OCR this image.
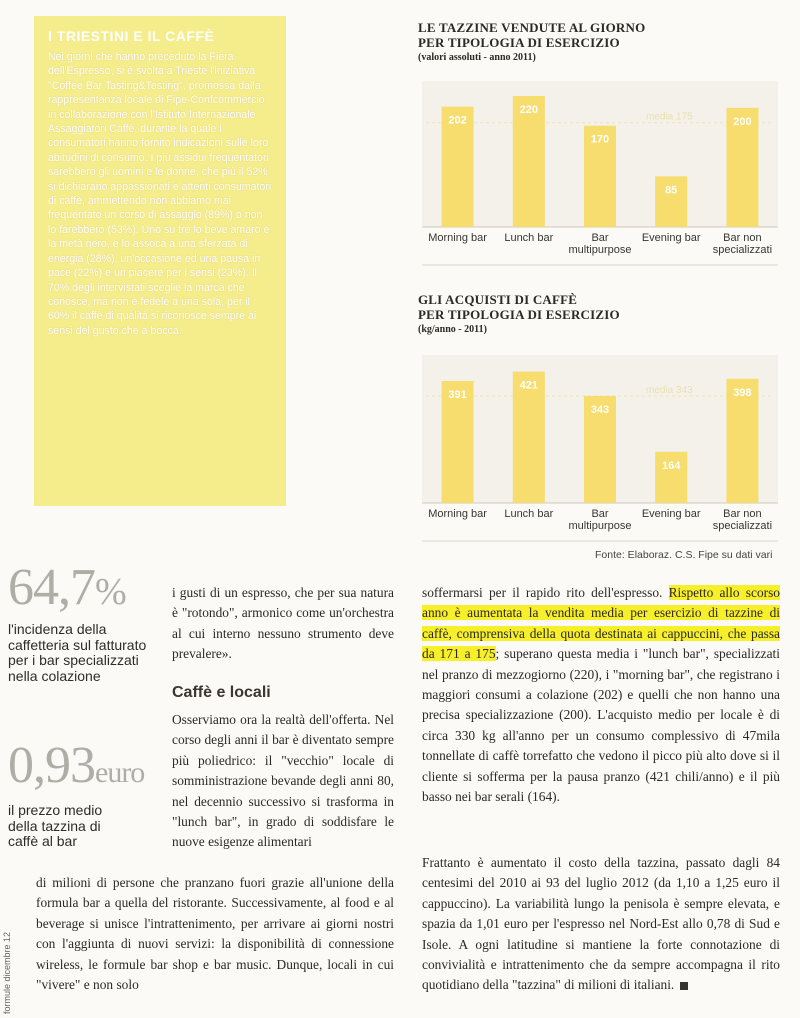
I TRIESTINI E IL CAFFÈ
Nei giorni che hanno preceduto la Fiera dell'Espresso, si è svolta a Trieste l'iniziativa "Coffee Bar Tasting&Testing", promossa dalla rappresentanza locale di Fipe-Confcommercio in collaborazione con l'Istituto Internazionale Assaggiatori Caffè, durante la quale i consumatori hanno fornito indicazioni sulle loro abitudini di consumo. I più assidui frequentatori sarebbero gli uomini e le donne, che più il 52% si dichiarano appassionati e attenti consumatori di caffè, ammettendo non abbiamo mai frequentato un corso di assaggio (89%) o non lo farebbero (53%). Uno su tre lo beve amaro e la metà nero, e lo assocà a una sferzata di energia (28%), un'occasione ed una pausa in pace (22%) e un piacere per i sensi (23%). Il 70% degli intervistati sceglie la marca che conosce, ma non è fedele a una sola, per il 60% il caffè di qualità si riconosce sempre ai sensi del gusto che a bocca.
LE TAZZINE VENDUTE AL GIORNO
PER TIPOLOGIA DI ESERCIZIO
(valori assoluti - anno 2011)
media 175
202
Morning bar
220
Lunch bar
170
Bar
multipurpose
85
Evening bar
200
Bar non
specializzati
GLI ACQUISTI DI CAFFÈ
PER TIPOLOGIA DI ESERCIZIO
(kg/anno - 2011)
media 343
391
Morning bar
421
Lunch bar
343
Bar
multipurpose
164
Evening bar
398
Bar non
specializzati
Fonte: Elaboraz. C.S. Fipe su dati vari
64,7%
l'incidenza della caffetteria sul fatturato per i bar specializzati nella colazione
0,93euro
il prezzo medio della tazzina di caffè al bar
i gusti di un espresso, che per sua natura è "rotondo", armonico come un'orchestra al cui interno nessuno strumento deve prevalere».
Caffè e locali
Osserviamo ora la realtà dell'offerta. Nel corso degli anni il bar è diventato sempre più poliedrico: il "vecchio" locale di somministrazione bevande degli anni 80, nel decennio successivo si trasforma in "lunch bar", in grado di soddisfare le nuove esigenze alimentari
di milioni di persone che pranzano fuori grazie all'unione della formula bar a quella del ristorante. Successivamente, al food e al beverage si unisce l'intrattenimento, per arrivare ai giorni nostri con l'aggiunta di nuovi servizi: la disponibilità di connessione wireless, le formule bar shop e bar music. Dunque, locali in cui "vivere" e non solo
soffermarsi per il rapido rito dell'espresso. Rispetto allo scorso anno è aumentata la vendita media per esercizio di tazzine di caffè, comprensiva della quota destinata ai cappuccini, che passa da 171 a 175; superano questa media i "lunch bar", specializzati nel pranzo di mezzogiorno (220), i "morning bar", che registrano i maggiori consumi a colazione (202) e quelli che non hanno una precisa specializzazione (200). L'acquisto medio per locale è di circa 330 kg all'anno per un consumo complessivo di 47mila tonnellate di caffè torrefatto che vedono il picco più alto dove si il cliente si sofferma per la pausa pranzo (421 chili/anno) e il più basso nei bar serali (164).
Frattanto è aumentato il costo della tazzina, passato dagli 84 centesimi del 2010 ai 93 del luglio 2012 (da 1,10 a 1,25 euro il cappuccino). La variabilità lungo la penisola è sempre elevata, e spazia da 1,01 euro per l'espresso nel Nord-Est allo 0,78 di Sud e Isole. A ogni latitudine si mantiene la forte connotazione di convivialità e intrattenimento che da sempre accompagna il rito quotidiano della "tazzina" di milioni di italiani.
formule dicembre 12
